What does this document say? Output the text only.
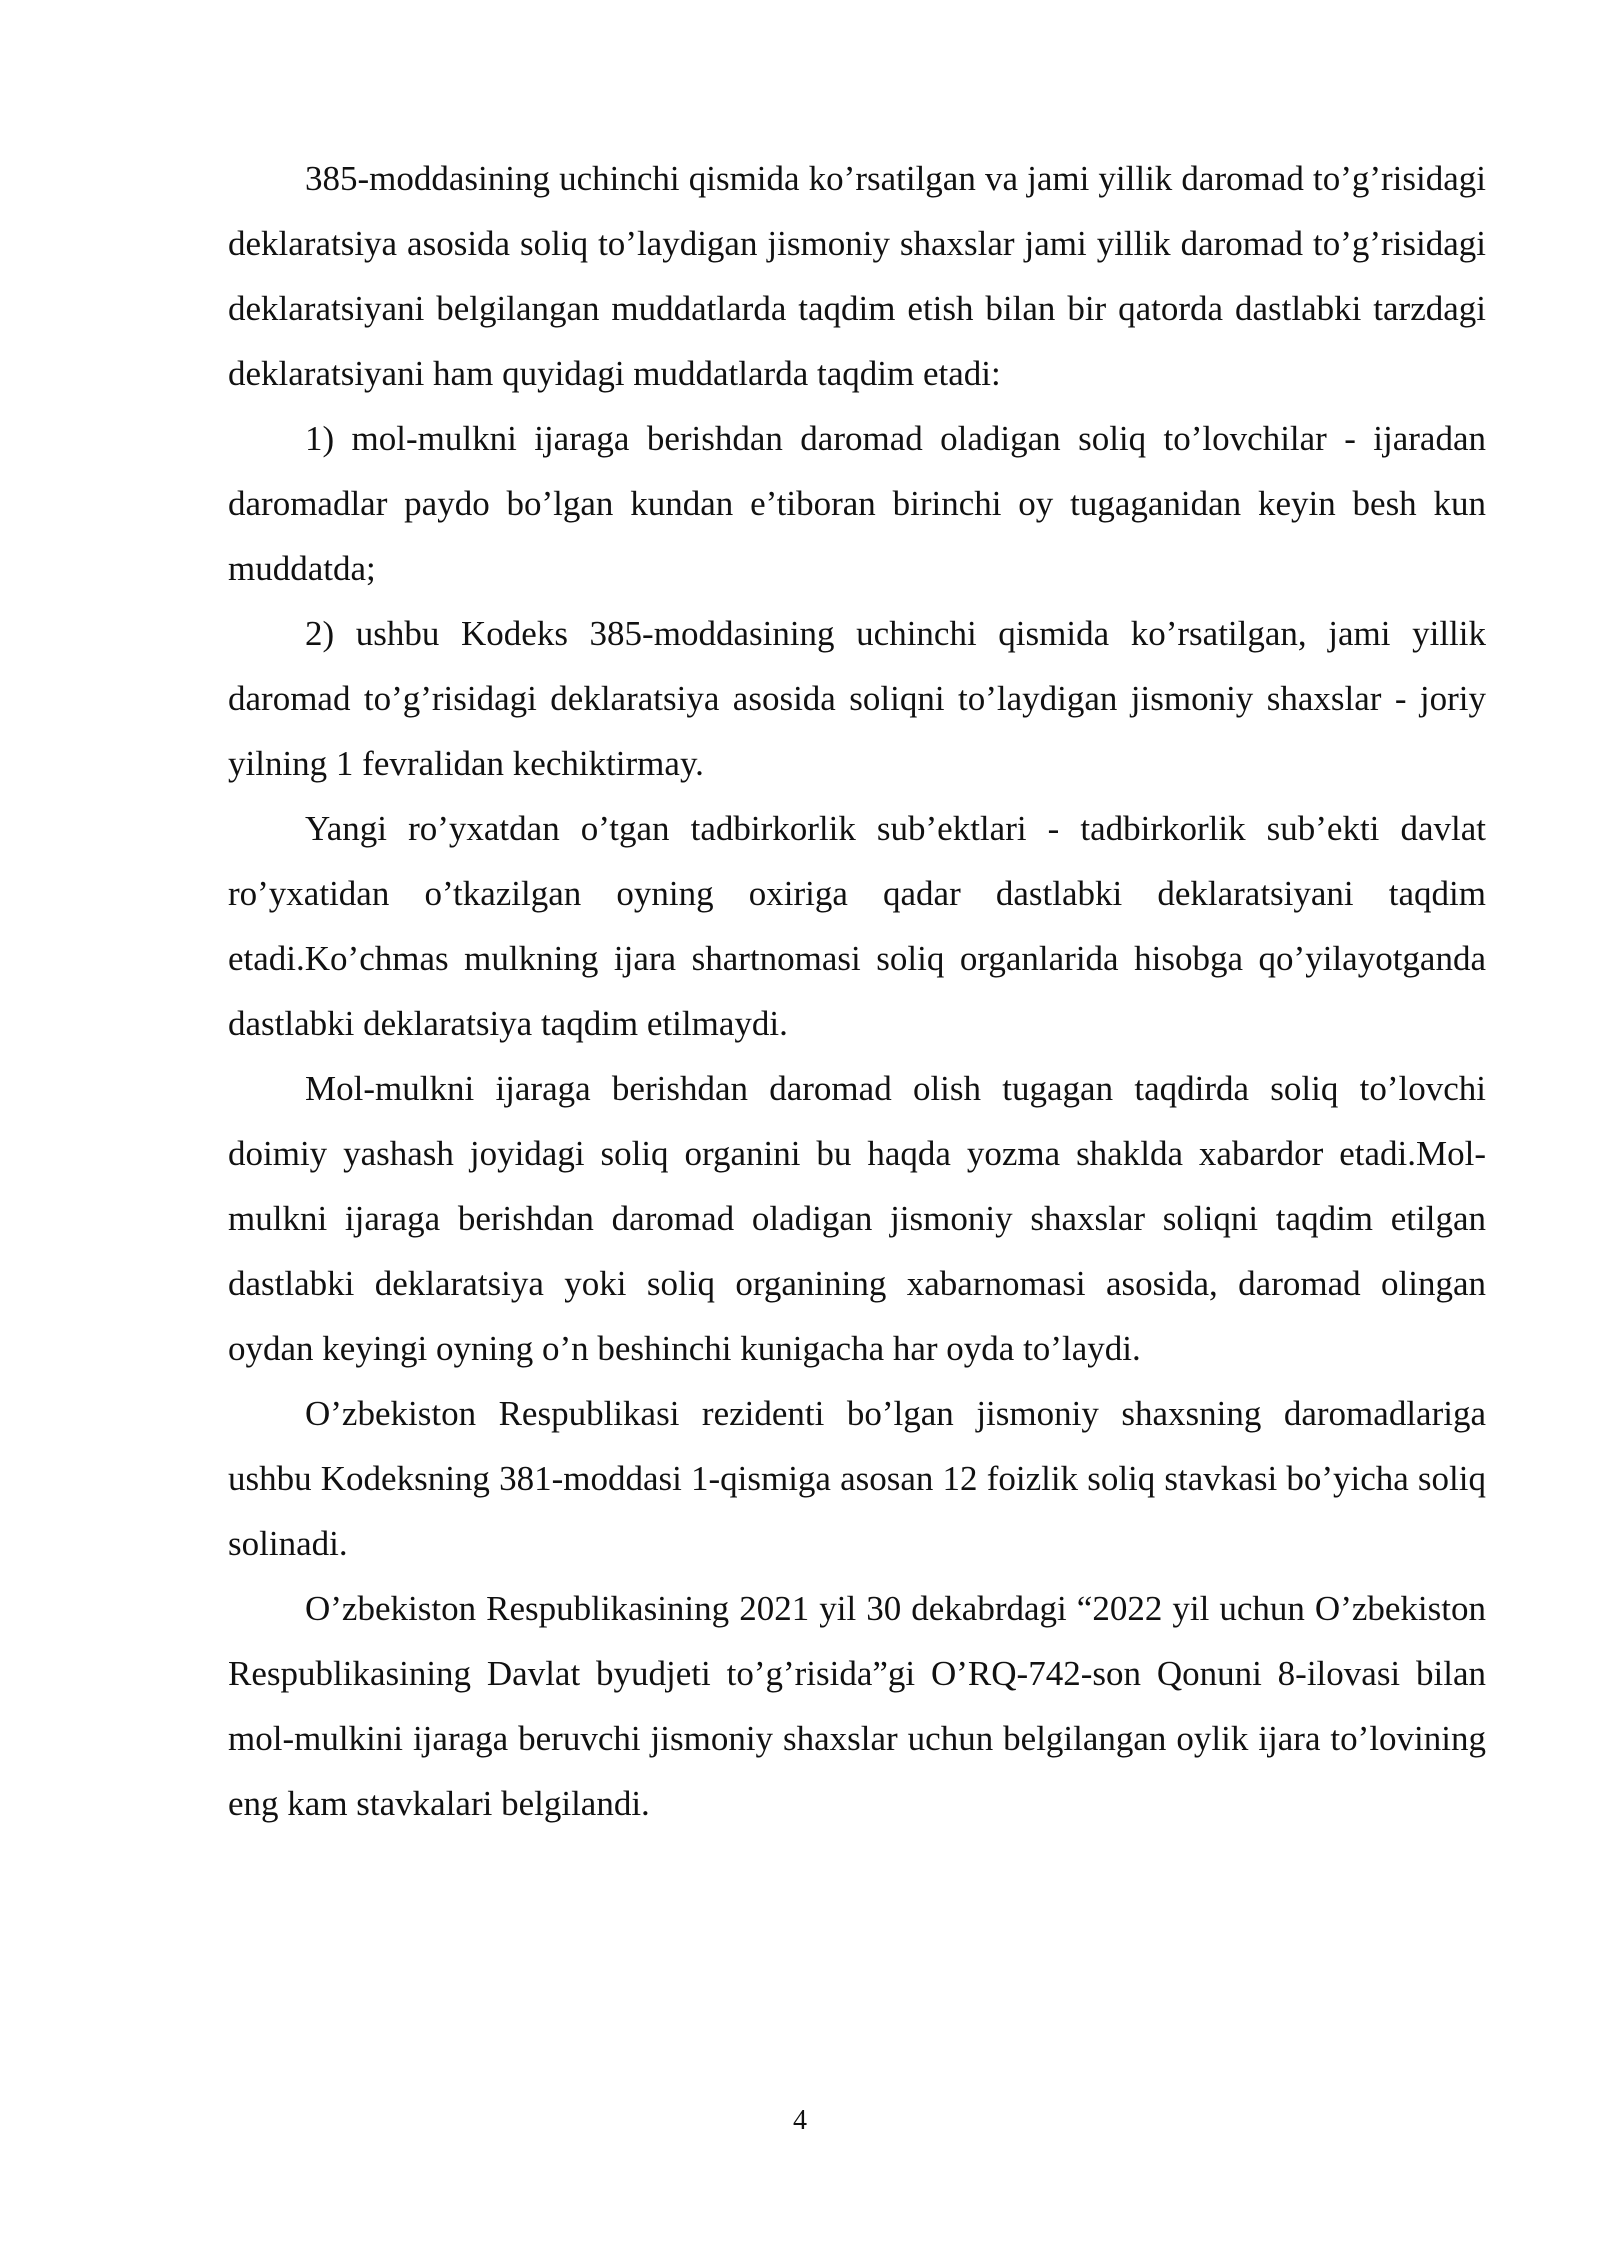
385-moddasining uchinchi qismida ko’rsatilgan va jami yillik daromad to’g’risidagi deklaratsiya asosida soliq to’laydigan jismoniy shaxslar jami yillik daromad to’g’risidagi deklaratsiyani belgilangan muddatlarda taqdim etish bilan bir qatorda dastlabki tarzdagi deklaratsiyani ham quyidagi muddatlarda taqdim etadi:

1) mol-mulkni ijaraga berishdan daromad oladigan soliq to’lovchilar - ijaradan daromadlar paydo bo’lgan kundan e’tiboran birinchi oy tugaganidan keyin besh kun muddatda;

2) ushbu Kodeks 385-moddasining uchinchi qismida ko’rsatilgan, jami yillik daromad to’g’risidagi deklaratsiya asosida soliqni to’laydigan jismoniy shaxslar - joriy yilning 1 fevralidan kechiktirmay.

Yangi ro’yxatdan o’tgan tadbirkorlik sub’ektlari - tadbirkorlik sub’ekti davlat ro’yxatidan o’tkazilgan oyning oxiriga qadar dastlabki deklaratsiyani taqdim etadi.Ko’chmas mulkning ijara shartnomasi soliq organlarida hisobga qo’yilayotganda dastlabki deklaratsiya taqdim etilmaydi.

Mol-mulkni ijaraga berishdan daromad olish tugagan taqdirda soliq to’lovchi doimiy yashash joyidagi soliq organini bu haqda yozma shaklda xabardor etadi.Mol-mulkni ijaraga berishdan daromad oladigan jismoniy shaxslar soliqni taqdim etilgan dastlabki deklaratsiya yoki soliq organining xabarnomasi asosida, daromad olingan oydan keyingi oyning o’n beshinchi kunigacha har oyda to’laydi.

O’zbekiston Respublikasi rezidenti bo’lgan jismoniy shaxsning daromadlariga ushbu Kodeksning 381-moddasi 1-qismiga asosan 12 foizlik soliq stavkasi bo’yicha soliq solinadi.

O’zbekiston Respublikasining 2021 yil 30 dekabrdagi “2022 yil uchun O’zbekiston Respublikasining Davlat byudjeti to’g’risida”gi O’RQ-742-son Qonuni 8-ilovasi bilan mol-mulkini ijaraga beruvchi jismoniy shaxslar uchun belgilangan oylik ijara to’lovining eng kam stavkalari belgilandi.

4
